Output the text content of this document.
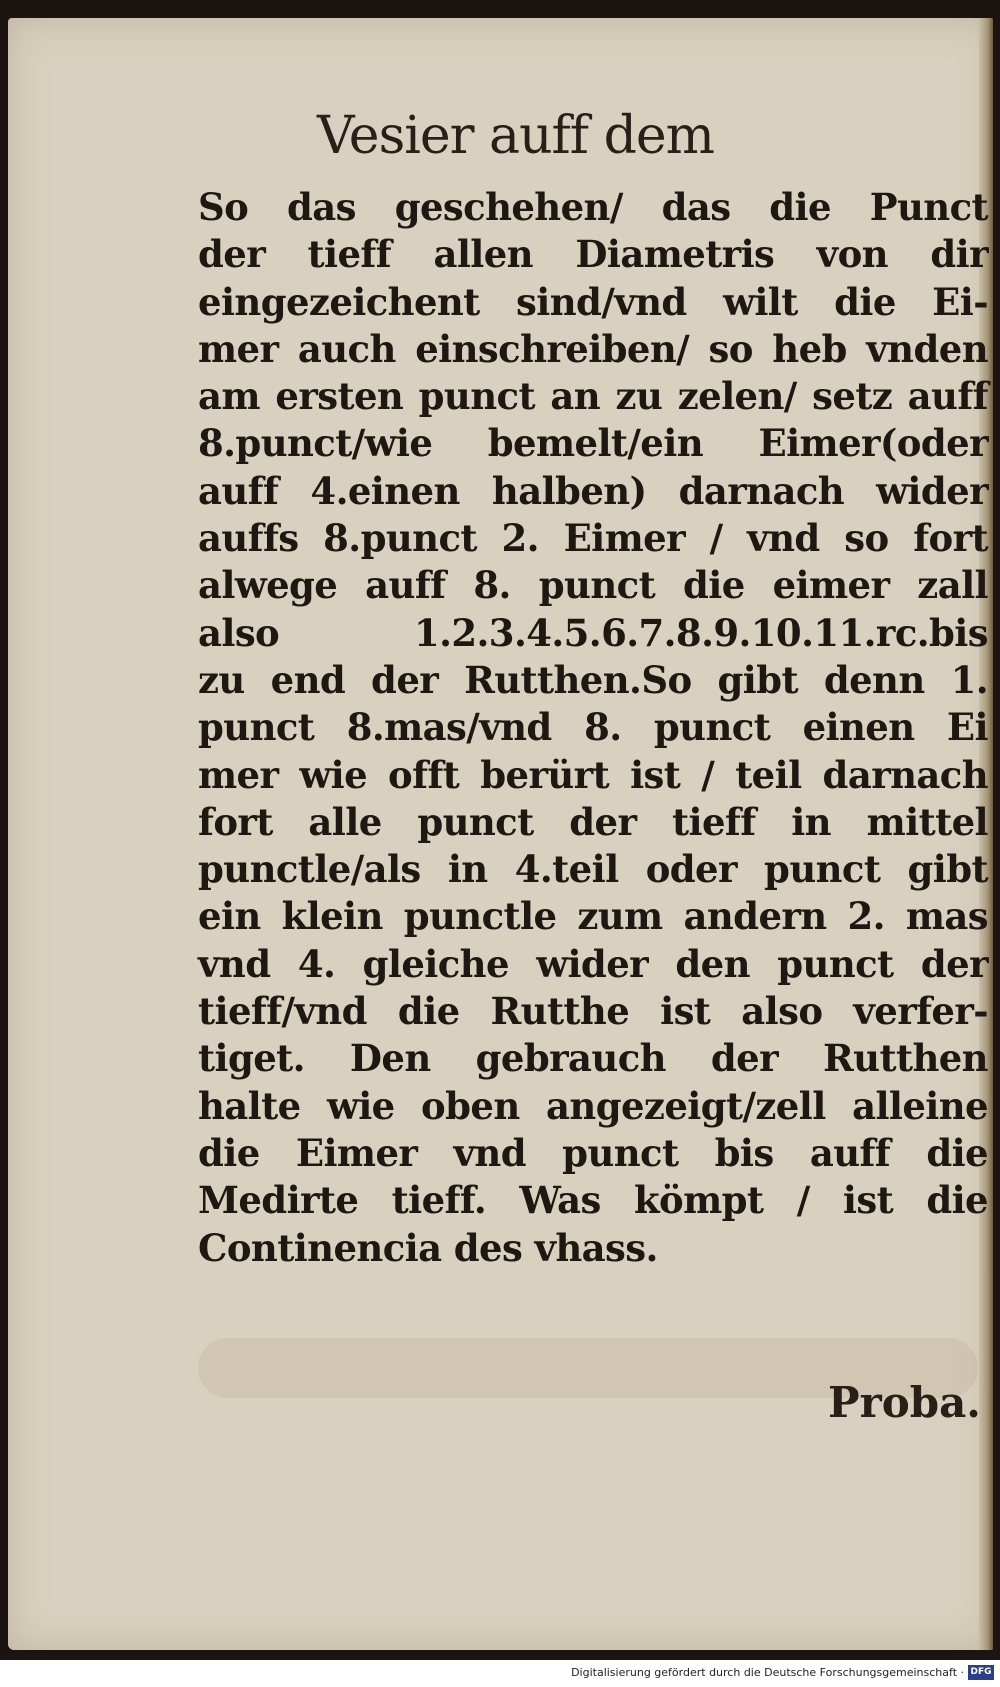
Vesier auff dem
So das geschehen/ das die Punct
der tieff allen Diametris von dir
eingezeichent sind/vnd wilt die Ei‑
mer auch einschreiben/ so heb vnden
am ersten punct an zu zelen/ setz auff
8.punct/wie bemelt/ein Eimer(oder
auff 4.einen halben) darnach wider
auffs 8.punct 2. Eimer / vnd so fort
alwege auff 8. punct die eimer zall
also 1.2.3.4.5.6.7.8.9.10.11.rc.bis
zu end der Rutthen.So gibt denn 1.
punct 8.mas/vnd 8. punct einen Ei
mer wie offt berürt ist / teil darnach
fort alle punct der tieff in mittel
punctle/als in 4.teil oder punct gibt
ein klein punctle zum andern 2. mas
vnd 4. gleiche wider den punct der
tieff/vnd die Rutthe ist also verfer‑
tiget. Den gebrauch der Rutthen
halte wie oben angezeigt/zell alleine
die Eimer vnd punct bis auff die
Medirte tieff. Was kömpt / ist die
Continencia des vhass.
Proba.
Digitalisierung gefördert durch die Deutsche Forschungsgemeinschaft · DFG
